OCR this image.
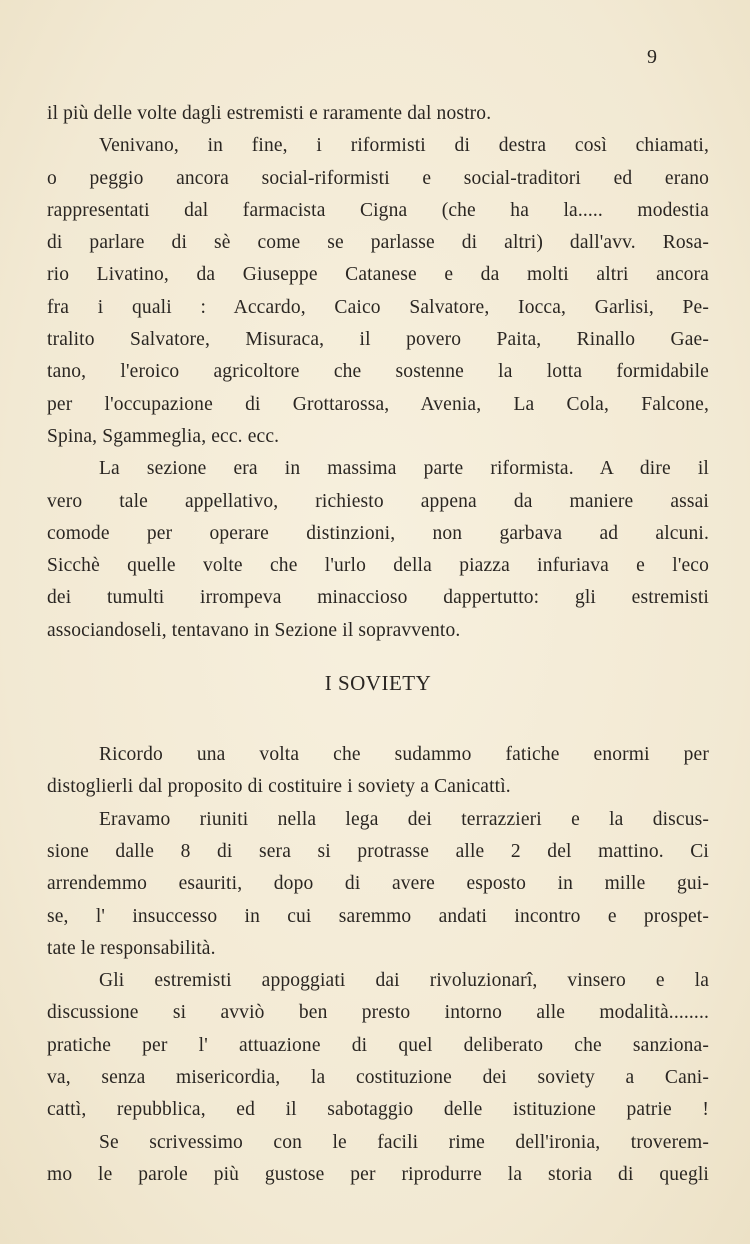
9
il più delle volte dagli estremisti e raramente dal nostro.
Venivano, in fine, i riformisti di destra così chiamati,
o peggio ancora social-riformisti e social-traditori ed erano
rappresentati dal farmacista Cigna (che ha la..... modestia
di parlare di sè come se parlasse di altri) dall'avv. Rosa-
rio Livatino, da Giuseppe Catanese e da molti altri ancora
fra i quali : Accardo, Caico Salvatore, Iocca, Garlisi, Pe-
tralito Salvatore, Misuraca, il povero Paita, Rinallo Gae-
tano, l'eroico agricoltore che sostenne la lotta formidabile
per l'occupazione di Grottarossa, Avenia, La Cola, Falcone,
Spina, Sgammeglia, ecc. ecc.
La sezione era in massima parte riformista. A dire il
vero tale appellativo, richiesto appena da maniere assai
comode per operare distinzioni, non garbava ad alcuni.
Sicchè quelle volte che l'urlo della piazza infuriava e l'eco
dei tumulti irrompeva minaccioso dappertutto: gli estremisti
associandoseli, tentavano in Sezione il sopravvento.
I SOVIETY
Ricordo una volta che sudammo fatiche enormi per
distoglierli dal proposito di costituire i soviety a Canicattì.
Eravamo riuniti nella lega dei terrazzieri e la discus-
sione dalle 8 di sera si protrasse alle 2 del mattino. Ci
arrendemmo esauriti, dopo di avere esposto in mille gui-
se, l' insuccesso in cui saremmo andati incontro e prospet-
tate le responsabilità.
Gli estremisti appoggiati dai rivoluzionarî, vinsero e la
discussione si avviò ben presto intorno alle modalità........
pratiche per l' attuazione di quel deliberato che sanziona-
va, senza misericordia, la costituzione dei soviety a Cani-
cattì, repubblica, ed il sabotaggio delle istituzione patrie !
Se scrivessimo con le facili rime dell'ironia, troverem-
mo le parole più gustose per riprodurre la storia di quegli
